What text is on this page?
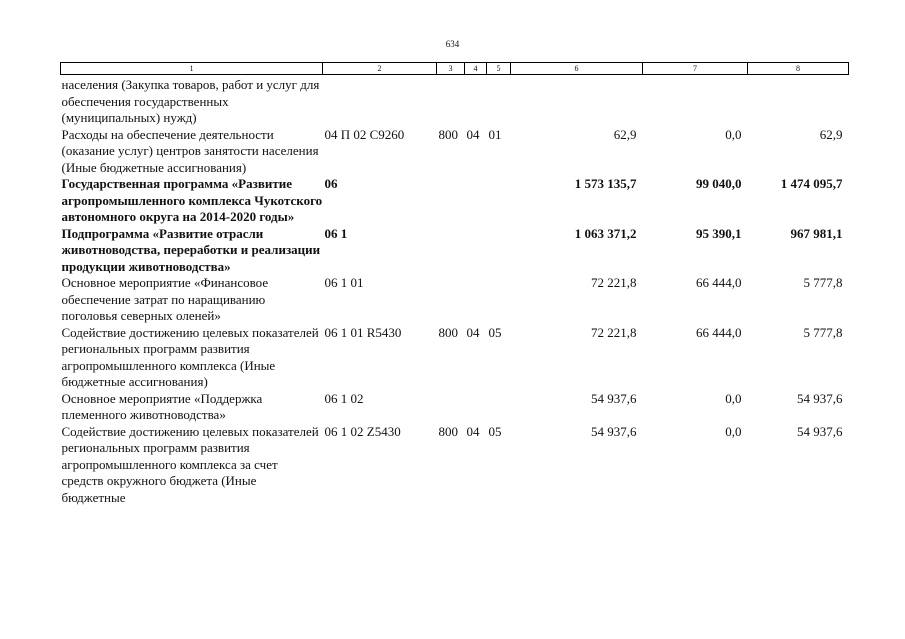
634
1	2	3	4	5	6	7	8
населения (Закупка товаров, работ и услуг для обеспечения государственных (муниципальных) нужд)							
Расходы на обеспечение деятельности (оказание услуг) центров занятости населения (Иные бюджетные ассигнования)	04 П 02 С9260	800	04	01	62,9	0,0	62,9
Государственная программа «Развитие агропромышленного комплекса Чукотского автономного округа на 2014-2020 годы»	06				1 573 135,7	99 040,0	1 474 095,7
Подпрограмма «Развитие отрасли животноводства, переработки и реализации продукции животноводства»	06 1				1 063 371,2	95 390,1	967 981,1
Основное мероприятие «Финансовое обеспечение затрат по наращиванию поголовья северных оленей»	06 1 01				72 221,8	66 444,0	5 777,8
Содействие достижению целевых показателей региональных программ развития агропромышленного комплекса (Иные бюджетные ассигнования)	06 1 01 R5430	800	04	05	72 221,8	66 444,0	5 777,8
Основное мероприятие «Поддержка племенного животноводства»	06 1 02				54 937,6	0,0	54 937,6
Содействие достижению целевых показателей региональных программ развития агропромышленного комплекса за счет средств окружного бюджета (Иные бюджетные	06 1 02 Z5430	800	04	05	54 937,6	0,0	54 937,6
